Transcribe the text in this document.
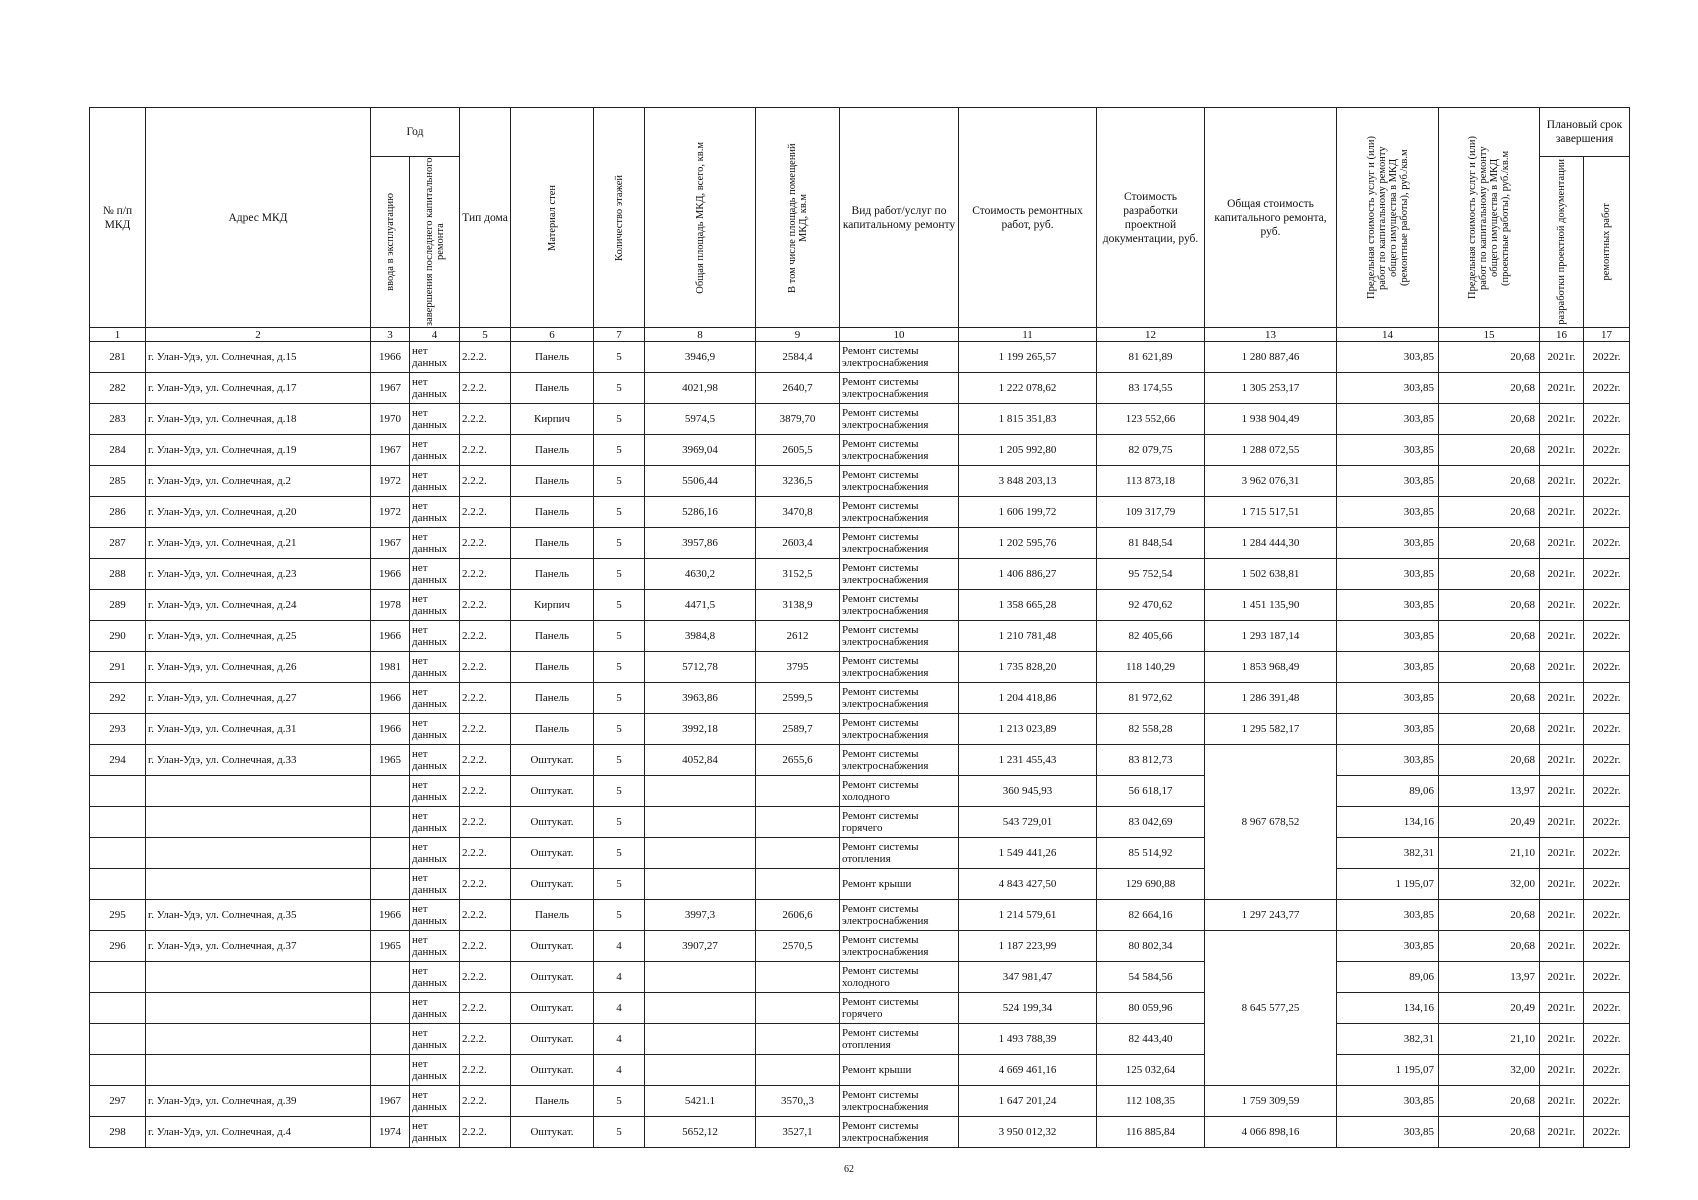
№ п/п МКД	Адрес МКД	Год		Тип дома	Материал стен	Количество этажей	Общая площадь МКД, всего, кв.м	В том числе площадь помещений МКД, кв.м	Вид работ/услуг по капитальному ремонту	Стоимость ремонтных работ, руб.	Стоимость разработки проектной документации, руб.	Общая стоимость капитального ремонта, руб.	Предельная стоимость услуг и (или) работ по капитальному ремонту общего имущества в МКД (ремонтные работы), руб./кв.м	Предельная стоимость услуг и (или) работ по капитальному ремонту общего имущества в МКД (проектные работы), руб./кв.м	Плановый срок завершения	

		ввода в эксплуатацию	завершения последнего капитального ремонта												разработки проектной документации	ремонтных работ

1	2	3	4	5	6	7	8	9	10	11	12	13	14	15	16	17
281	г. Улан-Удэ, ул. Солнечная, д.15	1966	нет данных	2.2.2.	Панель	5	3946,9	2584,4	Ремонт системы электроснабжения	1 199 265,57	81 621,89	1 280 887,46	303,85	20,68	2021г.	2022г.
282	г. Улан-Удэ, ул. Солнечная, д.17	1967	нет данных	2.2.2.	Панель	5	4021,98	2640,7	Ремонт системы электроснабжения	1 222 078,62	83 174,55	1 305 253,17	303,85	20,68	2021г.	2022г.
283	г. Улан-Удэ, ул. Солнечная, д.18	1970	нет данных	2.2.2.	Кирпич	5	5974,5	3879,70	Ремонт системы электроснабжения	1 815 351,83	123 552,66	1 938 904,49	303,85	20,68	2021г.	2022г.
284	г. Улан-Удэ, ул. Солнечная, д.19	1967	нет данных	2.2.2.	Панель	5	3969,04	2605,5	Ремонт системы электроснабжения	1 205 992,80	82 079,75	1 288 072,55	303,85	20,68	2021г.	2022г.
285	г. Улан-Удэ, ул. Солнечная, д.2	1972	нет данных	2.2.2.	Панель	5	5506,44	3236,5	Ремонт системы электроснабжения	3 848 203,13	113 873,18	3 962 076,31	303,85	20,68	2021г.	2022г.
286	г. Улан-Удэ, ул. Солнечная, д.20	1972	нет данных	2.2.2.	Панель	5	5286,16	3470,8	Ремонт системы электроснабжения	1 606 199,72	109 317,79	1 715 517,51	303,85	20,68	2021г.	2022г.
287	г. Улан-Удэ, ул. Солнечная, д.21	1967	нет данных	2.2.2.	Панель	5	3957,86	2603,4	Ремонт системы электроснабжения	1 202 595,76	81 848,54	1 284 444,30	303,85	20,68	2021г.	2022г.
288	г. Улан-Удэ, ул. Солнечная, д.23	1966	нет данных	2.2.2.	Панель	5	4630,2	3152,5	Ремонт системы электроснабжения	1 406 886,27	95 752,54	1 502 638,81	303,85	20,68	2021г.	2022г.
289	г. Улан-Удэ, ул. Солнечная, д.24	1978	нет данных	2.2.2.	Кирпич	5	4471,5	3138,9	Ремонт системы электроснабжения	1 358 665,28	92 470,62	1 451 135,90	303,85	20,68	2021г.	2022г.
290	г. Улан-Удэ, ул. Солнечная, д.25	1966	нет данных	2.2.2.	Панель	5	3984,8	2612	Ремонт системы электроснабжения	1 210 781,48	82 405,66	1 293 187,14	303,85	20,68	2021г.	2022г.
291	г. Улан-Удэ, ул. Солнечная, д.26	1981	нет данных	2.2.2.	Панель	5	5712,78	3795	Ремонт системы электроснабжения	1 735 828,20	118 140,29	1 853 968,49	303,85	20,68	2021г.	2022г.
292	г. Улан-Удэ, ул. Солнечная, д.27	1966	нет данных	2.2.2.	Панель	5	3963,86	2599,5	Ремонт системы электроснабжения	1 204 418,86	81 972,62	1 286 391,48	303,85	20,68	2021г.	2022г.
293	г. Улан-Удэ, ул. Солнечная, д.31	1966	нет данных	2.2.2.	Панель	5	3992,18	2589,7	Ремонт системы электроснабжения	1 213 023,89	82 558,28	1 295 582,17	303,85	20,68	2021г.	2022г.
294	г. Улан-Удэ, ул. Солнечная, д.33	1965	нет данных	2.2.2.	Оштукат.	5	4052,84	2655,6	Ремонт системы электроснабжения	1 231 455,43	83 812,73	8 967 678,52	303,85	20,68	2021г.	2022г.
			нет данных	2.2.2.	Оштукат.	5			Ремонт системы холодного	360 945,93	56 618,17		89,06	13,97	2021г.	2022г.
			нет данных	2.2.2.	Оштукат.	5			Ремонт системы горячего	543 729,01	83 042,69		134,16	20,49	2021г.	2022г.
			нет данных	2.2.2.	Оштукат.	5			Ремонт системы отопления	1 549 441,26	85 514,92		382,31	21,10	2021г.	2022г.
			нет данных	2.2.2.	Оштукат.	5			Ремонт крыши	4 843 427,50	129 690,88		1 195,07	32,00	2021г.	2022г.
295	г. Улан-Удэ, ул. Солнечная, д.35	1966	нет данных	2.2.2.	Панель	5	3997,3	2606,6	Ремонт системы электроснабжения	1 214 579,61	82 664,16	1 297 243,77	303,85	20,68	2021г.	2022г.
296	г. Улан-Удэ, ул. Солнечная, д.37	1965	нет данных	2.2.2.	Оштукат.	4	3907,27	2570,5	Ремонт системы электроснабжения	1 187 223,99	80 802,34	8 645 577,25	303,85	20,68	2021г.	2022г.
			нет данных	2.2.2.	Оштукат.	4			Ремонт системы холодного	347 981,47	54 584,56		89,06	13,97	2021г.	2022г.
			нет данных	2.2.2.	Оштукат.	4			Ремонт системы горячего	524 199,34	80 059,96		134,16	20,49	2021г.	2022г.
			нет данных	2.2.2.	Оштукат.	4			Ремонт системы отопления	1 493 788,39	82 443,40		382,31	21,10	2021г.	2022г.
			нет данных	2.2.2.	Оштукат.	4			Ремонт крыши	4 669 461,16	125 032,64		1 195,07	32,00	2021г.	2022г.
297	г. Улан-Удэ, ул. Солнечная, д.39	1967	нет данных	2.2.2.	Панель	5	5421.1	3570,,3	Ремонт системы электроснабжения	1 647 201,24	112 108,35	1 759 309,59	303,85	20,68	2021г.	2022г.
298	г. Улан-Удэ, ул. Солнечная, д.4	1974	нет данных	2.2.2.	Оштукат.	5	5652,12	3527,1	Ремонт системы электроснабжения	3 950 012,32	116 885,84	4 066 898,16	303,85	20,68	2021г.	2022г.
62
